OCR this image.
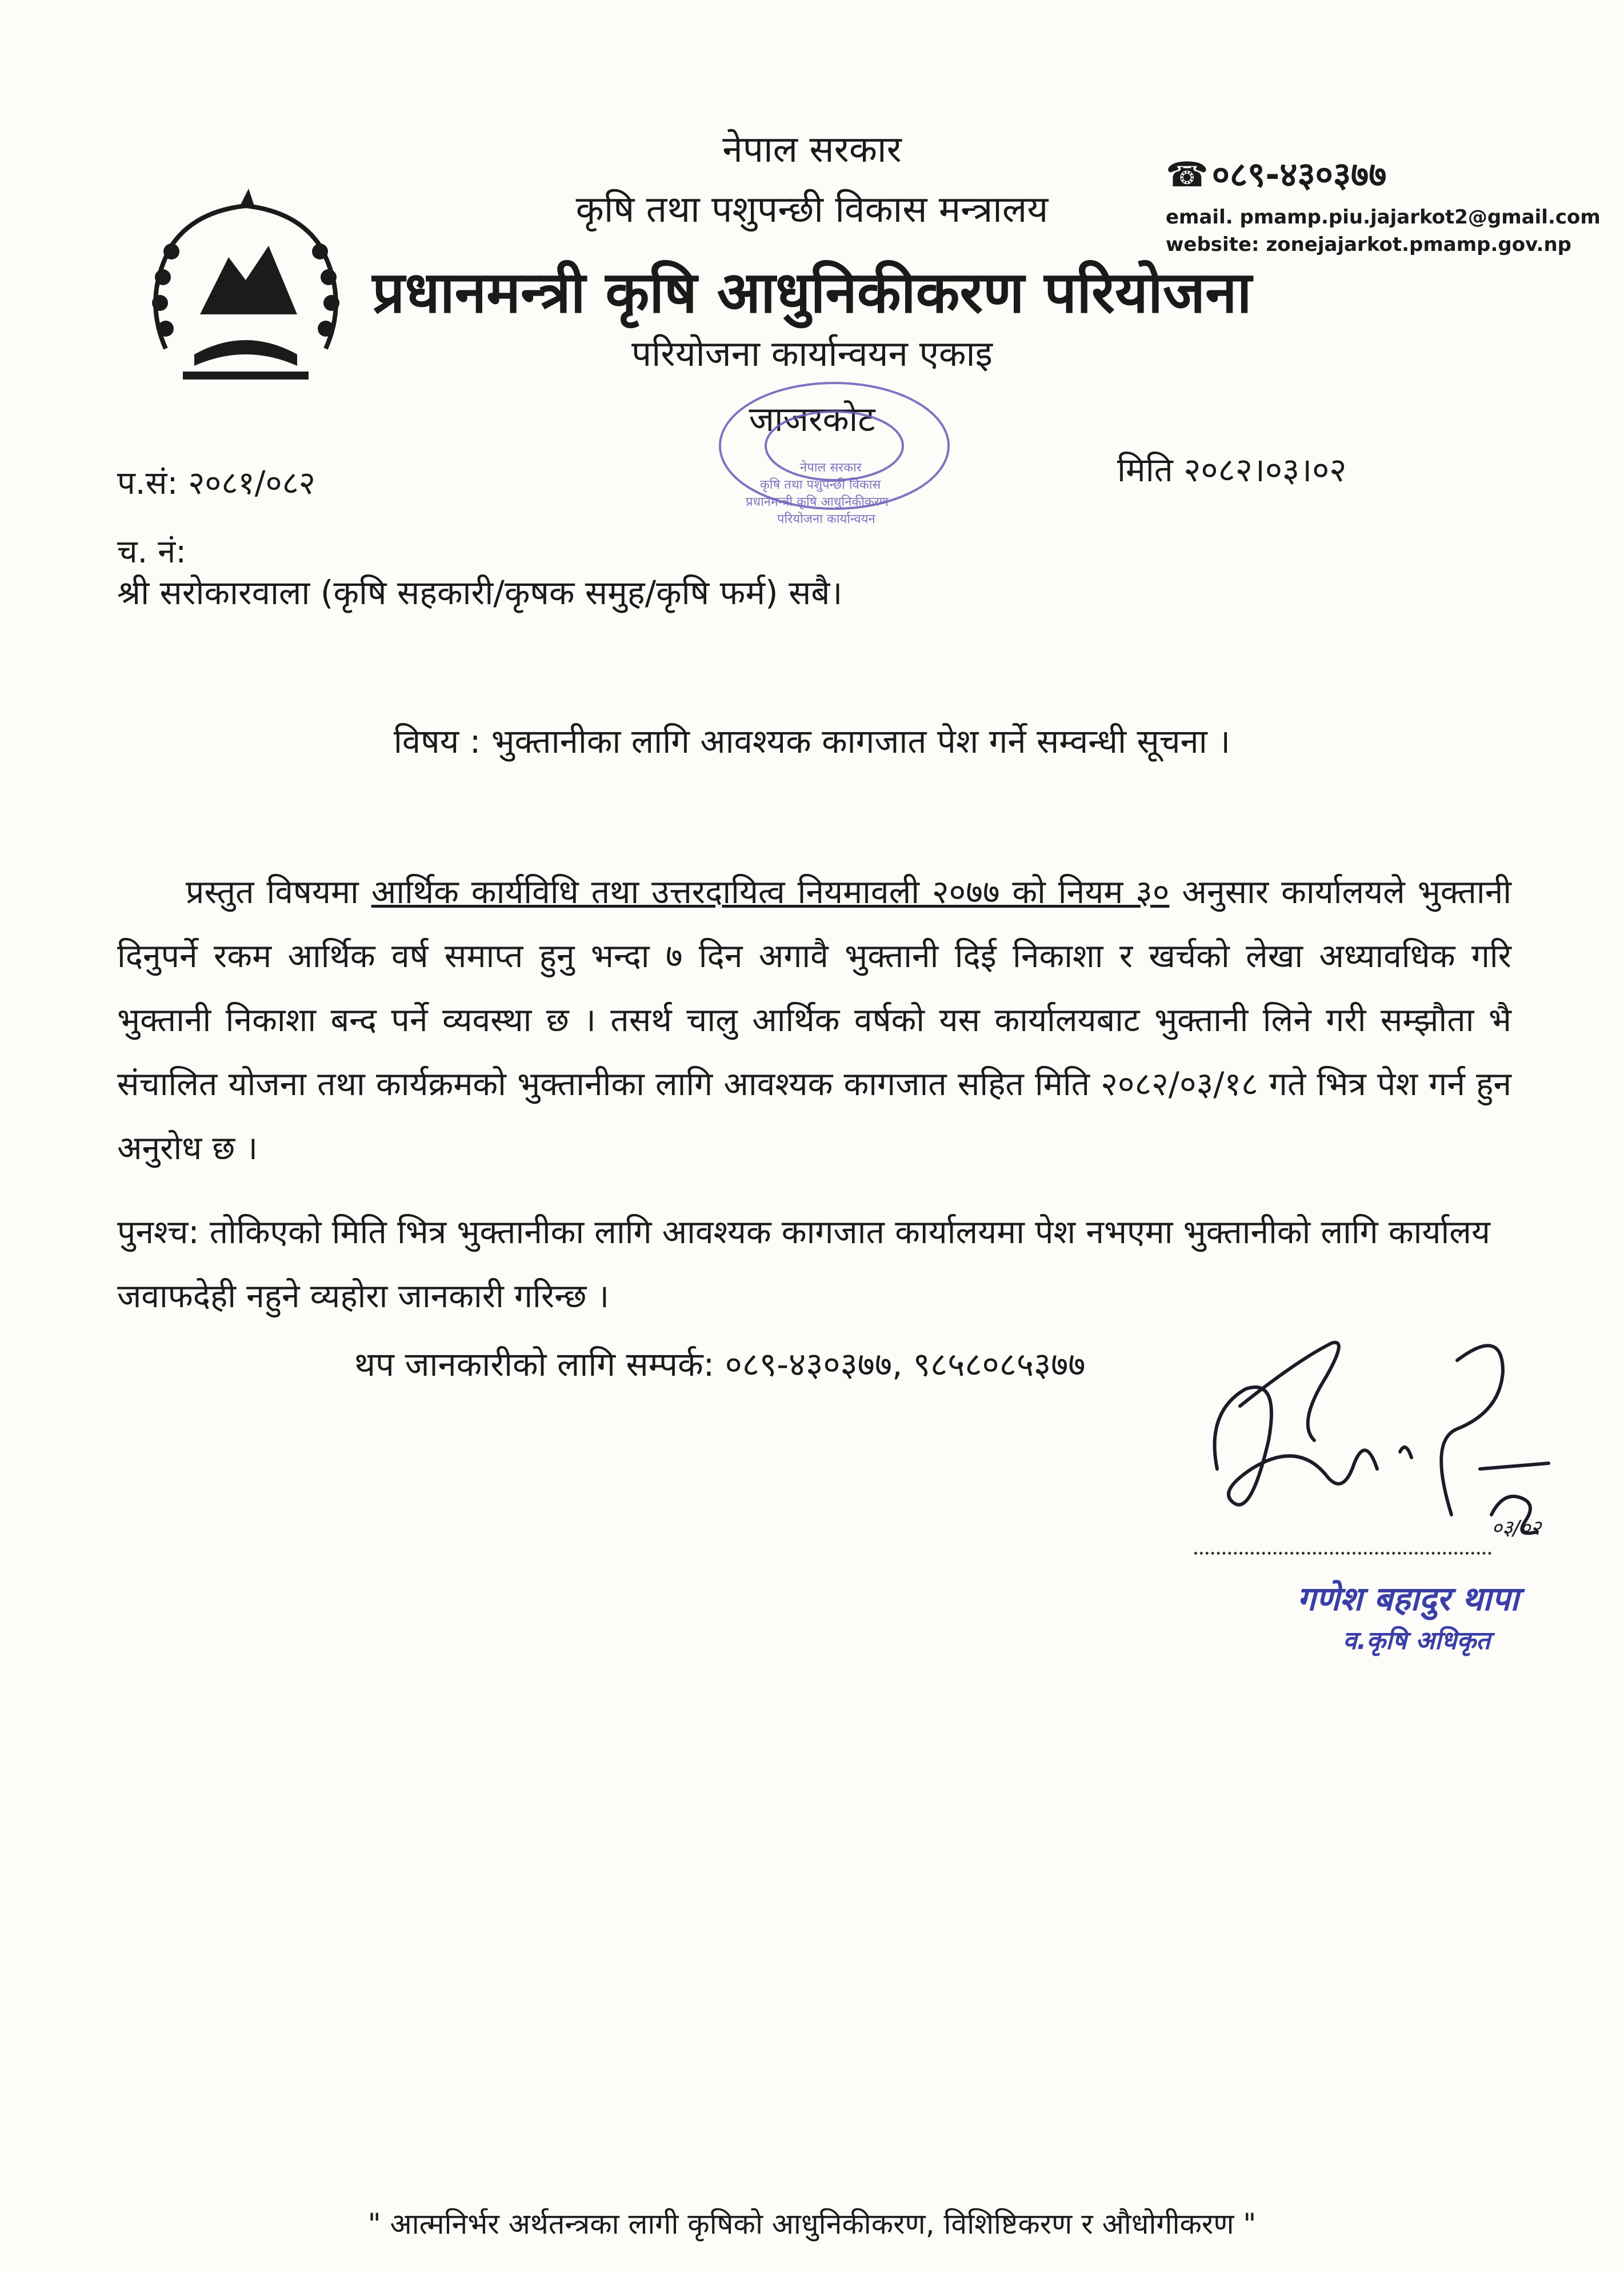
नेपाल सरकार
कृषि तथा पशुपन्छी विकास मन्त्रालय
प्रधानमन्त्री कृषि आधुनिकीकरण परियोजना
परियोजना कार्यान्वयन एकाइ
जाजरकोट
☎ ०८९-४३०३७७
email. pmamp.piu.jajarkot2@gmail.com
website: zonejajarkot.pmamp.gov.np
नेपाल सरकार
कृषि तथा पशुपन्छी विकास
प्रधानमन्त्री कृषि आधुनिकीकरण
परियोजना कार्यान्वयन
प.सं: २०८१/०८२	मिति २०८२।०३।०२
च. नं:
श्री सरोकारवाला (कृषि सहकारी/कृषक समुह/कृषि फर्म) सबै।
विषय : भुक्तानीका लागि आवश्यक कागजात पेश गर्ने सम्वन्धी सूचना ।

प्रस्तुत विषयमा आर्थिक कार्यविधि तथा उत्तरदायित्व नियमावली २०७७ को नियम ३० अनुसार कार्यालयले भुक्तानी दिनुपर्ने रकम आर्थिक वर्ष समाप्त हुनु भन्दा ७ दिन अगावै भुक्तानी दिई निकाशा र खर्चको लेखा अध्यावधिक गरि भुक्तानी निकाशा बन्द पर्ने व्यवस्था छ । तसर्थ चालु आर्थिक वर्षको यस कार्यालयबाट भुक्तानी लिने गरी सम्झौता भै संचालित योजना तथा कार्यक्रमको भुक्तानीका लागि आवश्यक कागजात सहित मिति २०८२/०३/१८ गते भित्र पेश गर्न हुन अनुरोध छ ।

पुनश्च: तोकिएको मिति भित्र भुक्तानीका लागि आवश्यक कागजात कार्यालयमा पेश नभएमा भुक्तानीको लागि कार्यालय जवाफदेही नहुने व्यहोरा जानकारी गरिन्छ ।

थप जानकारीको लागि सम्पर्क: ०८९-४३०३७७, ९८५८०८५३७७
०३/०२
गणेश बहादुर थापा
व.कृषि अधिकृत
" आत्मनिर्भर अर्थतन्त्रका लागी कृषिको आधुनिकीकरण, विशिष्टिकरण र औधोगीकरण "
